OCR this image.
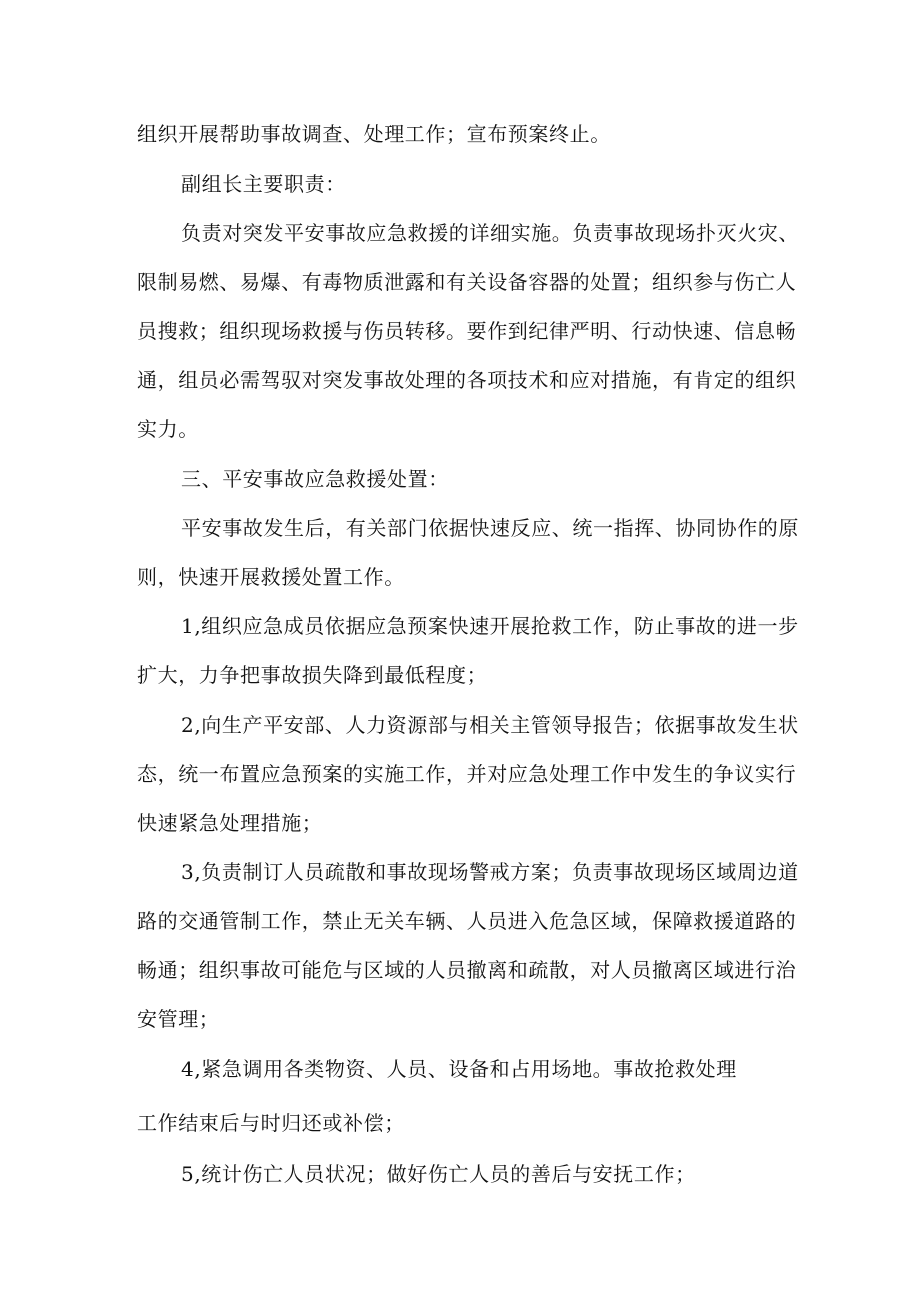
组织开展帮助事故调查、处理工作；宣布预案终止。

副组长主要职责：

负责对突发平安事故应急救援的详细实施。负责事故现场扑灭火灾、

限制易燃、易爆、有毒物质泄露和有关设备容器的处置；组织参与伤亡人

员搜救；组织现场救援与伤员转移。要作到纪律严明、行动快速、信息畅

通，组员必需驾驭对突发事故处理的各项技术和应对措施，有肯定的组织

实力。

三、平安事故应急救援处置：

平安事故发生后，有关部门依据快速反应、统一指挥、协同协作的原

则，快速开展救援处置工作。

1,组织应急成员依据应急预案快速开展抢救工作，防止事故的进一步

扩大，力争把事故损失降到最低程度；

2,向生产平安部、人力资源部与相关主管领导报告；依据事故发生状

态，统一布置应急预案的实施工作，并对应急处理工作中发生的争议实行

快速紧急处理措施；

3,负责制订人员疏散和事故现场警戒方案；负责事故现场区域周边道

路的交通管制工作，禁止无关车辆、人员进入危急区域，保障救援道路的

畅通；组织事故可能危与区域的人员撤离和疏散，对人员撤离区域进行治

安管理；

4,紧急调用各类物资、人员、设备和占用场地。事故抢救处理

工作结束后与时归还或补偿；

5,统计伤亡人员状况；做好伤亡人员的善后与安抚工作；
